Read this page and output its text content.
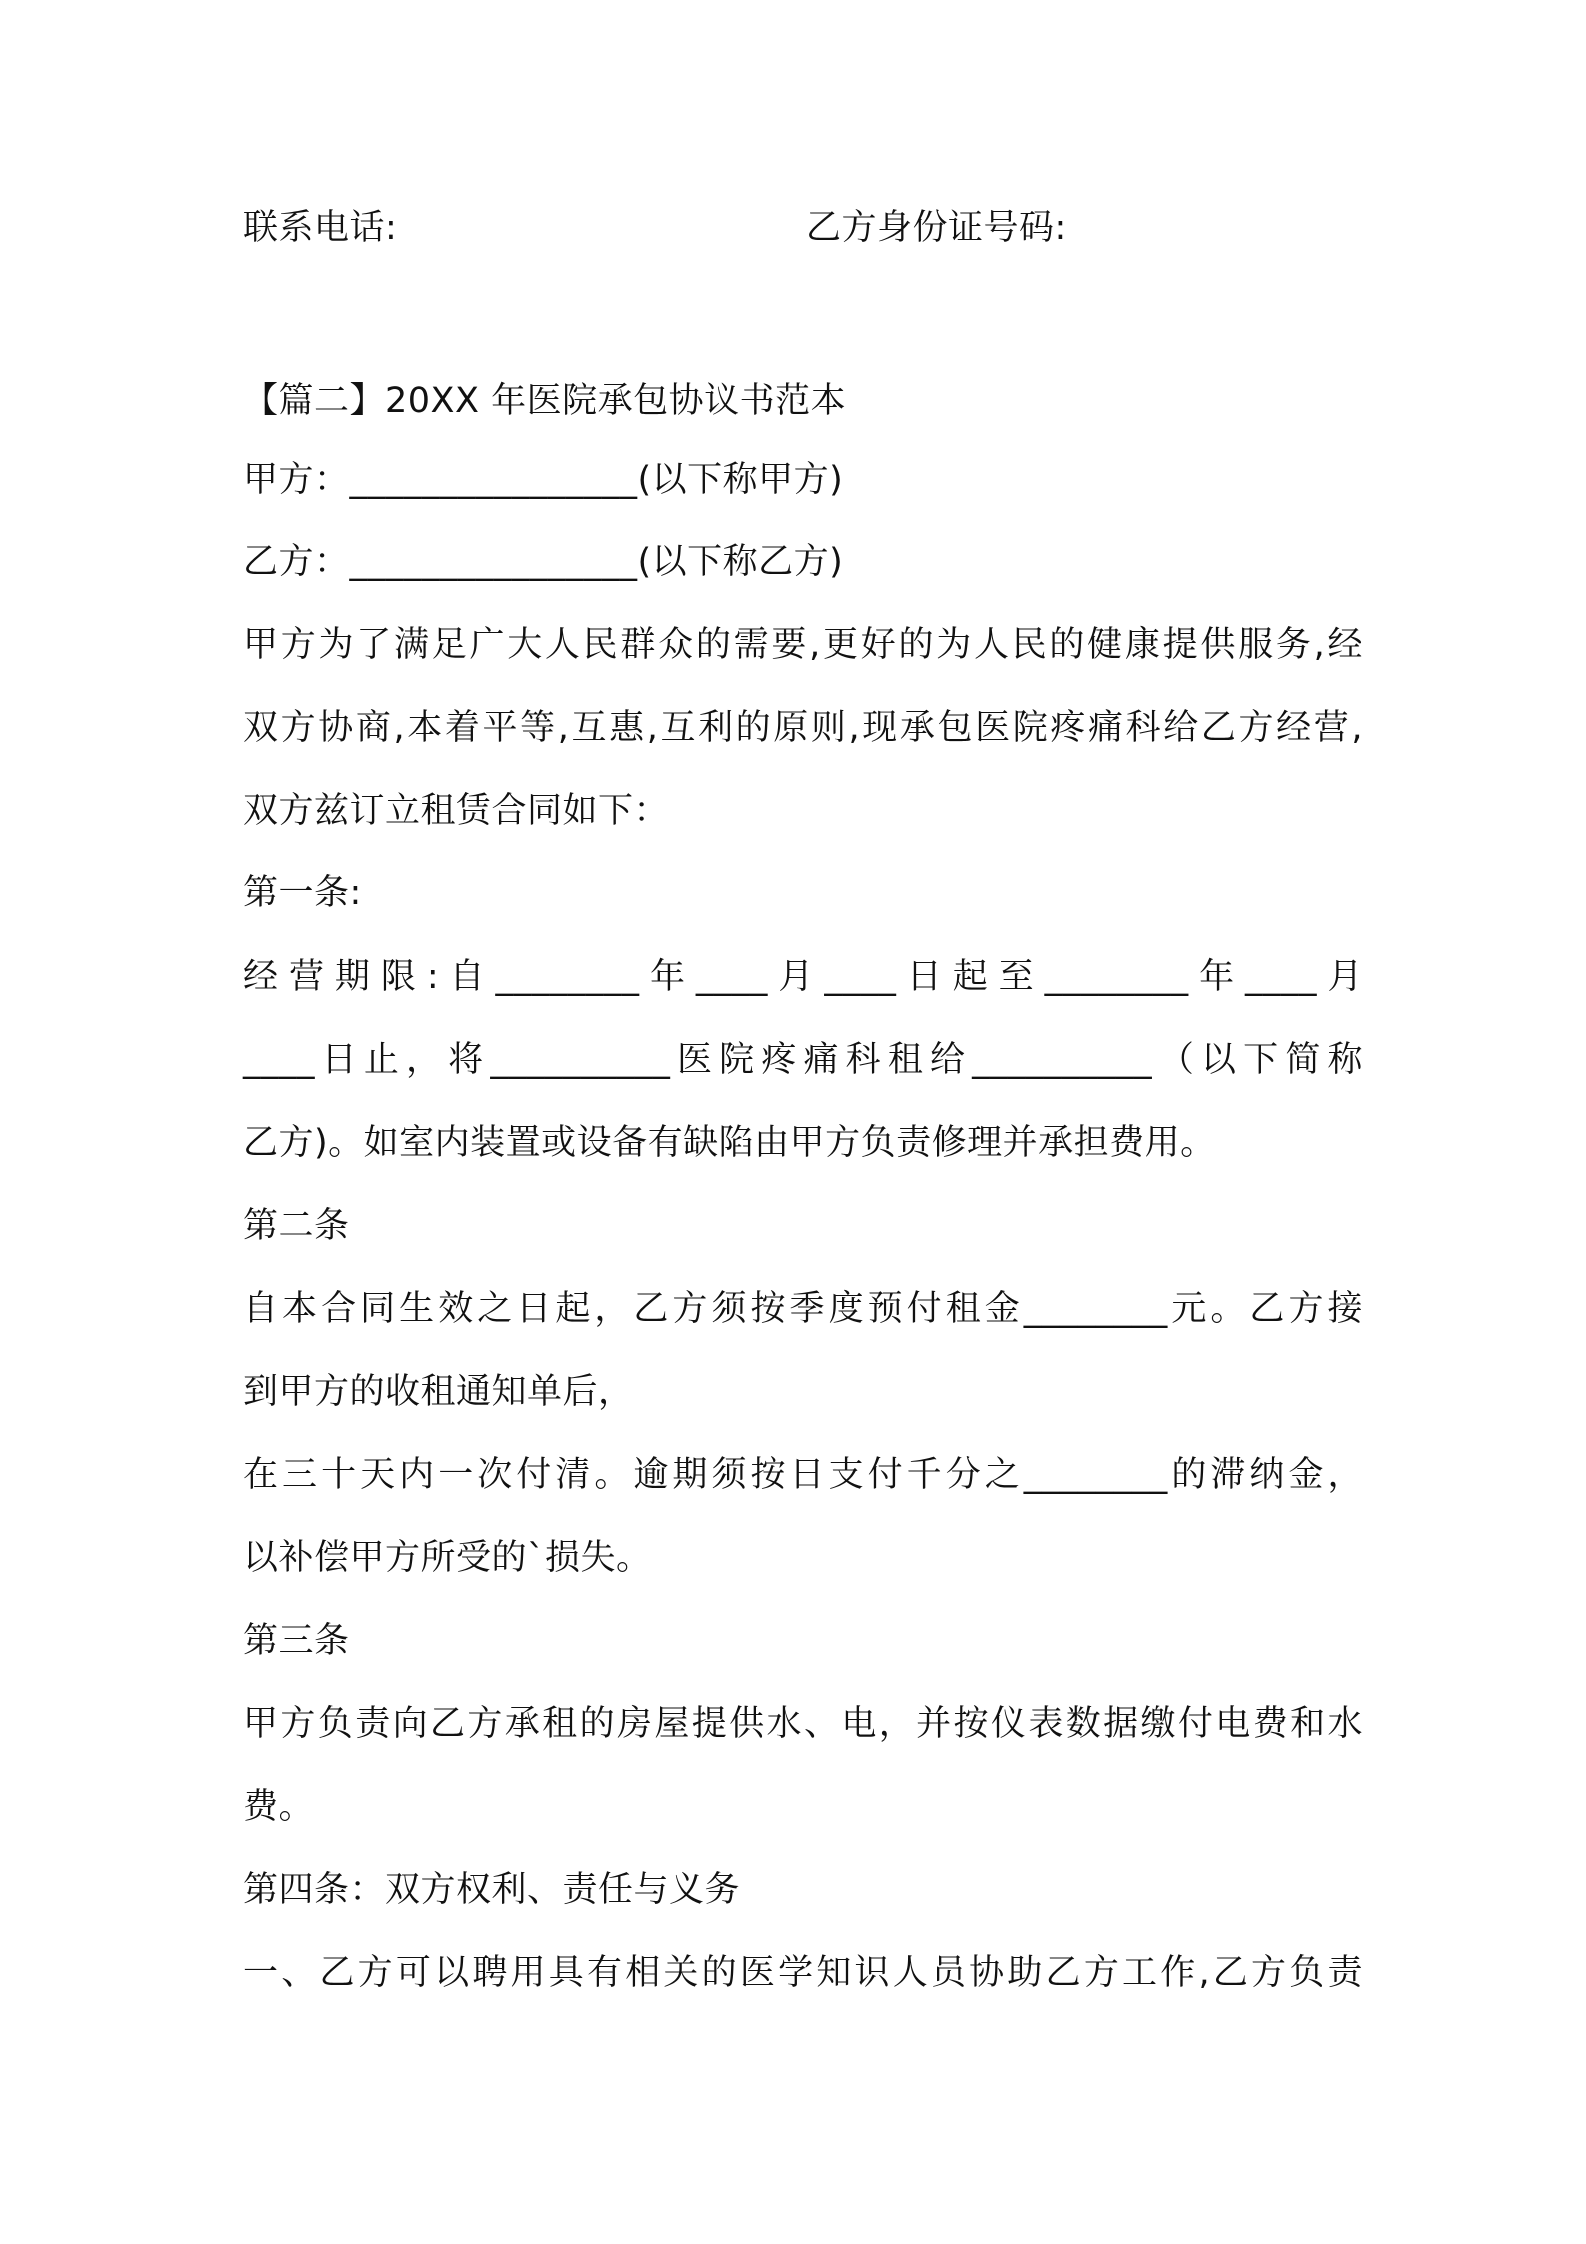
联系电话:	乙方身份证号码:
【篇二】20XX 年医院承包协议书范本
甲方：________________(以下称甲方)
乙方：________________(以下称乙方)
甲方为了满足广大人民群众的需要,更好的为人民的健康提供服务,经
双方协商,本着平等,互惠,互利的原则,现承包医院疼痛科给乙方经营,
双方兹订立租赁合同如下：
第一条:
经营期限:自________年____月____日起至________年____月
____日止，将__________医院疼痛科租给__________（以下简称
乙方)。如室内装置或设备有缺陷由甲方负责修理并承担费用。
第二条
自本合同生效之日起，乙方须按季度预付租金________元。乙方接
到甲方的收租通知单后，
在三十天内一次付清。逾期须按日支付千分之________的滞纳金，
以补偿甲方所受的`损失。
第三条
甲方负责向乙方承租的房屋提供水、电，并按仪表数据缴付电费和水
费。
第四条：双方权利、责任与义务
一、乙方可以聘用具有相关的医学知识人员协助乙方工作,乙方负责
